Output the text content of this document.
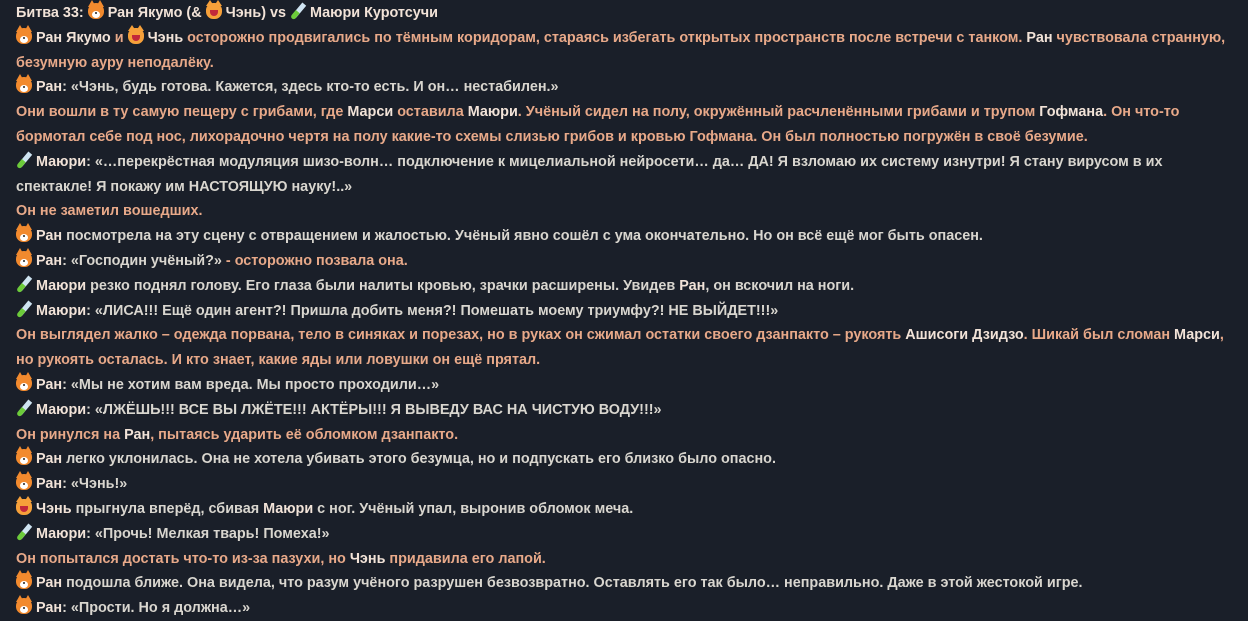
Битва 33:
Ран Якумо (&
Чэнь) vs
Маюри Куротсучи
Ран Якумо и
Чэнь осторожно продвигались по тёмным коридорам, стараясь избегать открытых пространств после встречи с танком. Ран чувствовала странную, безумную ауру неподалёку.
Ран: «Чэнь, будь готова. Кажется, здесь кто-то есть. И он… нестабилен.»
Они вошли в ту самую пещеру с грибами, где Марси оставила Маюри. Учёный сидел на полу, окружённый расчленёнными грибами и трупом Гофмана. Он что-то бормотал себе под нос, лихорадочно чертя на полу какие-то схемы слизью грибов и кровью Гофмана. Он был полностью погружён в своё безумие.
Маюри: «…перекрёстная модуляция шизо-волн… подключение к мицелиальной нейросети… да… ДА! Я взломаю их систему изнутри! Я стану вирусом в их спектакле! Я покажу им НАСТОЯЩУЮ науку!..»
Он не заметил вошедших.
Ран посмотрела на эту сцену с отвращением и жалостью. Учёный явно сошёл с ума окончательно. Но он всё ещё мог быть опасен.
Ран: «Господин учёный?» - осторожно позвала она.
Маюри резко поднял голову. Его глаза были налиты кровью, зрачки расширены. Увидев Ран, он вскочил на ноги.
Маюри: «ЛИСА!!! Ещё один агент?! Пришла добить меня?! Помешать моему триумфу?! НЕ ВЫЙДЕТ!!!»
Он выглядел жалко – одежда порвана, тело в синяках и порезах, но в руках он сжимал остатки своего дзанпакто – рукоять Ашисоги Дзидзо. Шикай был сломан Марси, но рукоять осталась. И кто знает, какие яды или ловушки он ещё прятал.
Ран: «Мы не хотим вам вреда. Мы просто проходили…»
Маюри: «ЛЖЁШЬ!!! ВСЕ ВЫ ЛЖЁТЕ!!! АКТЁРЫ!!! Я ВЫВЕДУ ВАС НА ЧИСТУЮ ВОДУ!!!»
Он ринулся на Ран, пытаясь ударить её обломком дзанпакто.
Ран легко уклонилась. Она не хотела убивать этого безумца, но и подпускать его близко было опасно.
Ран: «Чэнь!»
Чэнь прыгнула вперёд, сбивая Маюри с ног. Учёный упал, выронив обломок меча.
Маюри: «Прочь! Мелкая тварь! Помеха!»
Он попытался достать что-то из-за пазухи, но Чэнь придавила его лапой.
Ран подошла ближе. Она видела, что разум учёного разрушен безвозвратно. Оставлять его так было… неправильно. Даже в этой жестокой игре.
Ран: «Прости. Но я должна…»
